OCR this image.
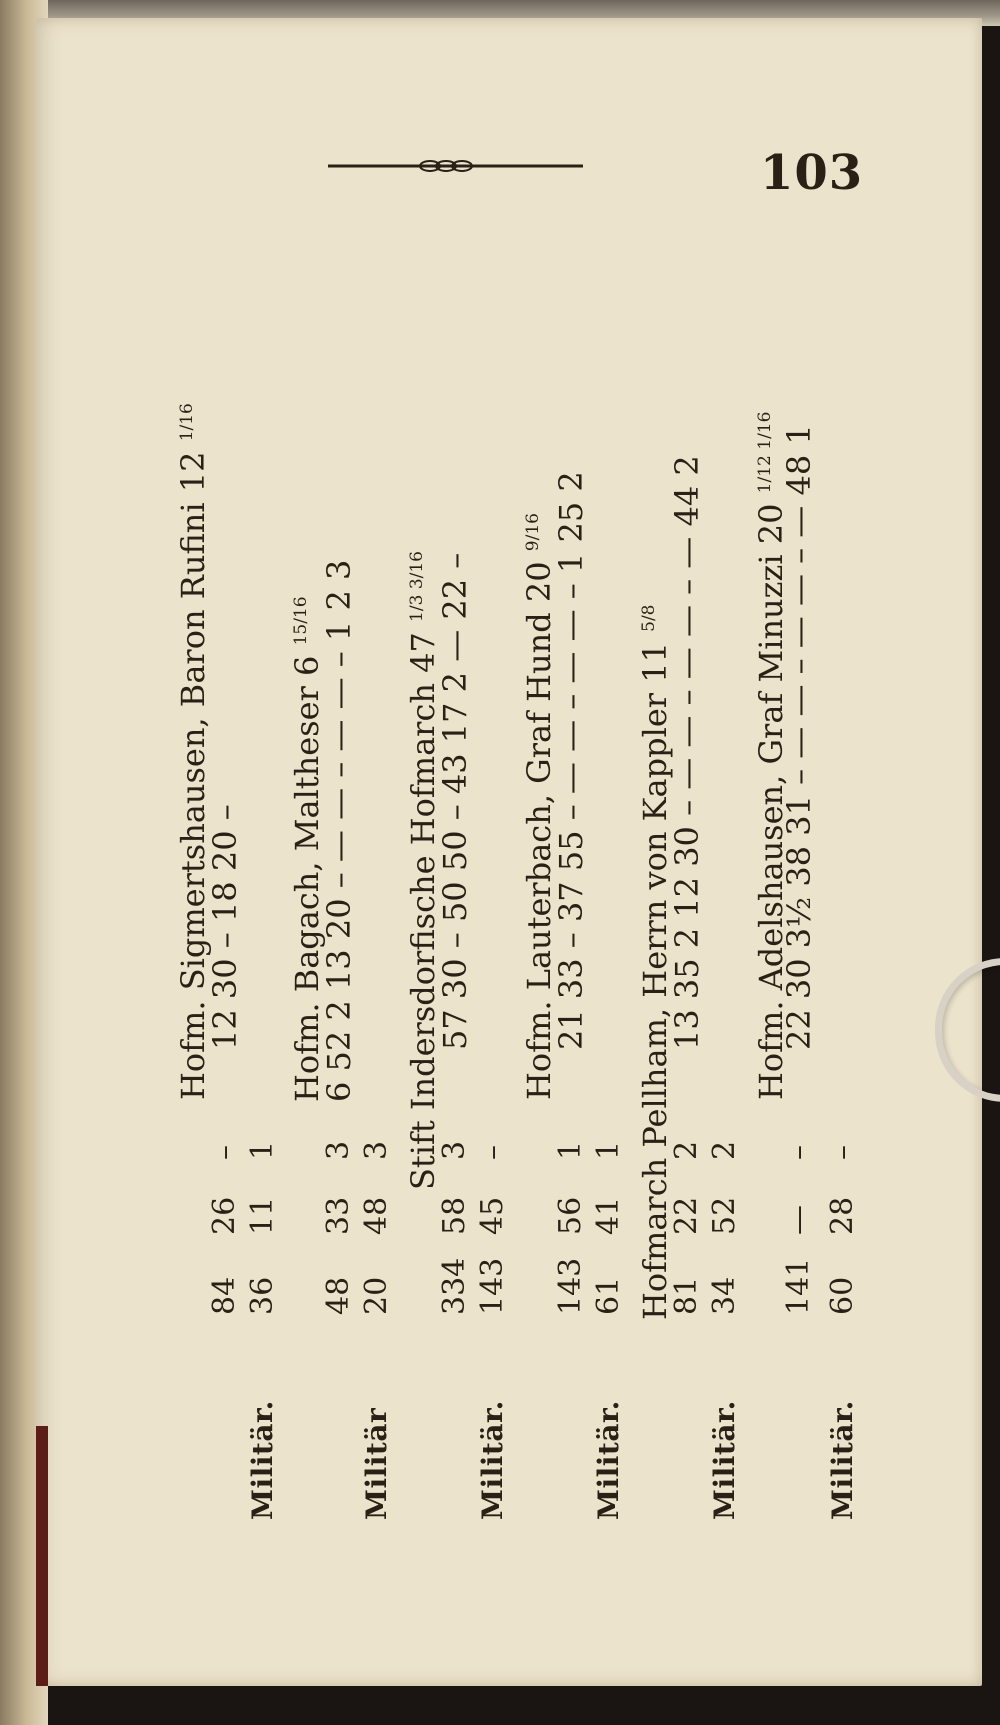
103
Hofm. Sigmertshausen, Baron Rufini 12 $^{1/16}$
84
26
–
12 30 – 18 20 –
Militär.
36
11
1
Hofm. Bagach, Maltheser 6 $^{15/16}$
48
33
3
6 52 2 13 20 – — — – — — – 1 2 3
Militär
20
48
3 Stift Indersdorfische Hofmarch 47 $^{1/3 3/16}$
334
58
3
57 30 – 50 50 – 43 17 2 — 22 –
Militär.
143
45
–
Hofm. Lauterbach, Graf Hund 20 $^{9/16}$
143
56
1
21 33 – 37 55 – — — – — — – 1 25 2
Militär.
61
41
1 Hofmarch Pellham, Herrn von Kappler 11 $^{5/8}$
81
22
2
13 35 2 12 30 – — — – — — – — 44 2
Militär.
34
52
2
Hofm. Adelshausen, Graf Minuzzi 20 $^{1/12 1/16}$
141
—
–
22 30 3½ 38 31 – — — – — — – — 48 1
Militär.
60
28
–
